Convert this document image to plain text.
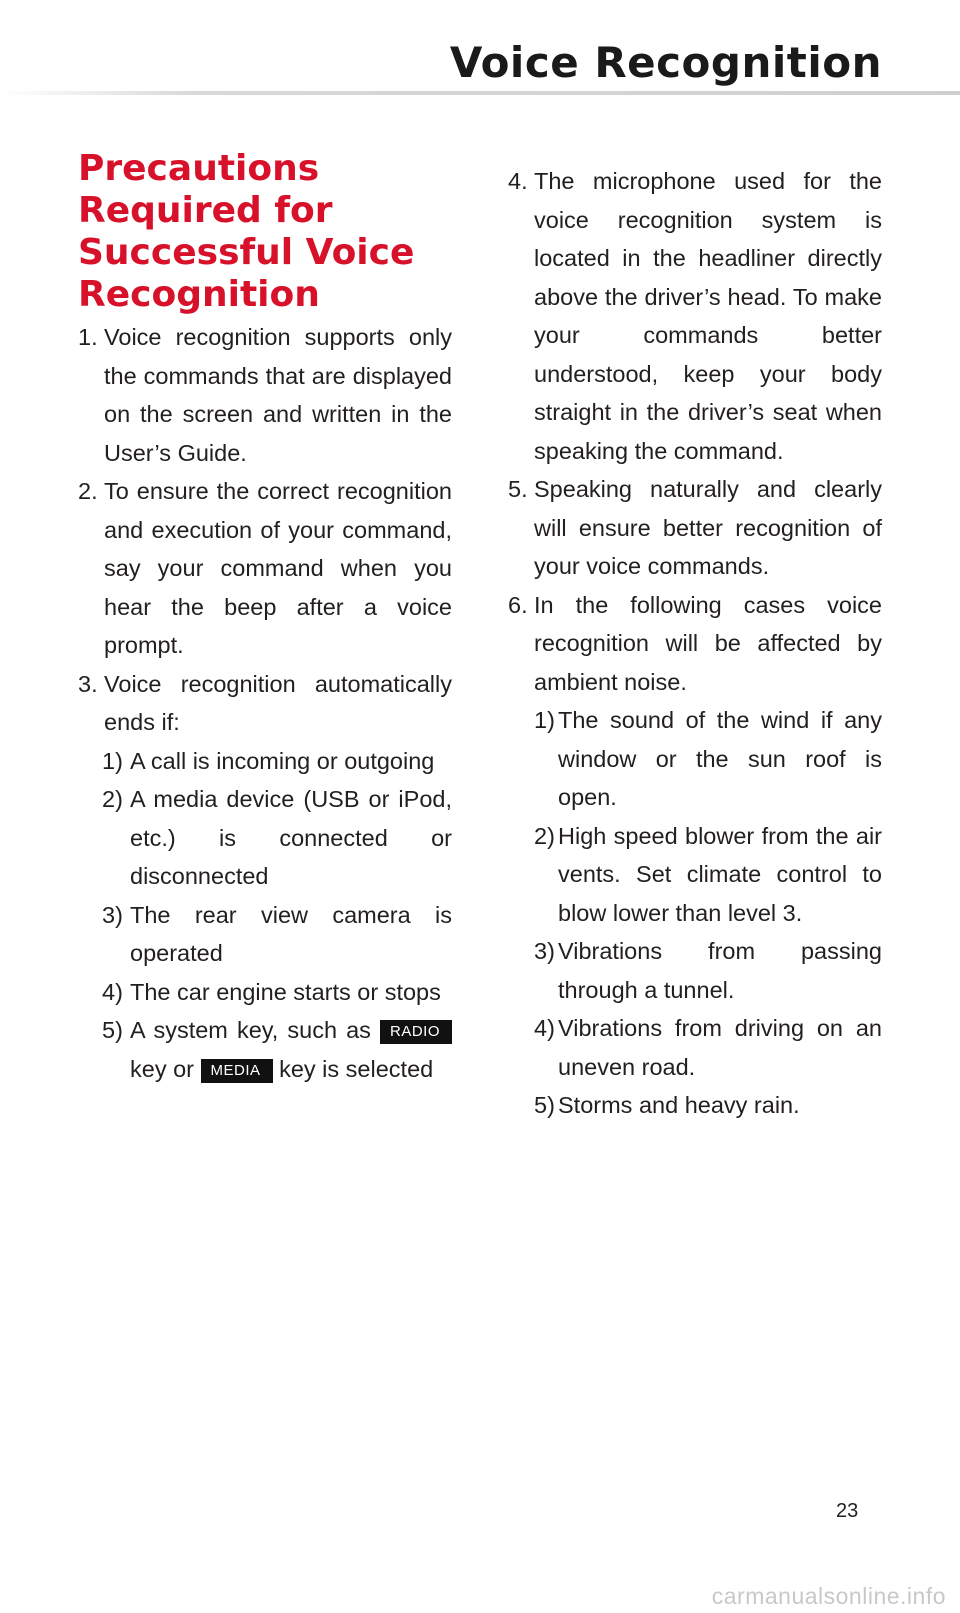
Voice Recognition
Precautions Required for Successful Voice Recognition
1. Voice recognition supports only the commands that are displayed on the screen and written in the User’s Guide.
2. To ensure the correct recognition and execution of your command, say your command when you hear the beep after a voice prompt.
3. Voice recognition automatically ends if:
1) A call is incoming or outgoing
2) A media device (USB or iPod, etc.) is connected or disconnected
3) The rear view camera is operated
4) The car engine starts or stops
5) A system key, such as RADIO key or MEDIA key is selected
4. The microphone used for the voice recognition system is located in the headliner directly above the driver’s head. To make your commands better understood, keep your body straight in the driver’s seat when speaking the command.
5. Speaking naturally and clearly will ensure better recognition of your voice commands.
6. In the following cases voice recognition will be affected by ambient noise.
1) The sound of the wind if any window or the sun roof is open.
2) High speed blower from the air vents. Set climate control to blow lower than level 3.
3) Vibrations from passing through a tunnel.
4) Vibrations from driving on an uneven road.
5) Storms and heavy rain.
23
carmanualsonline.info
